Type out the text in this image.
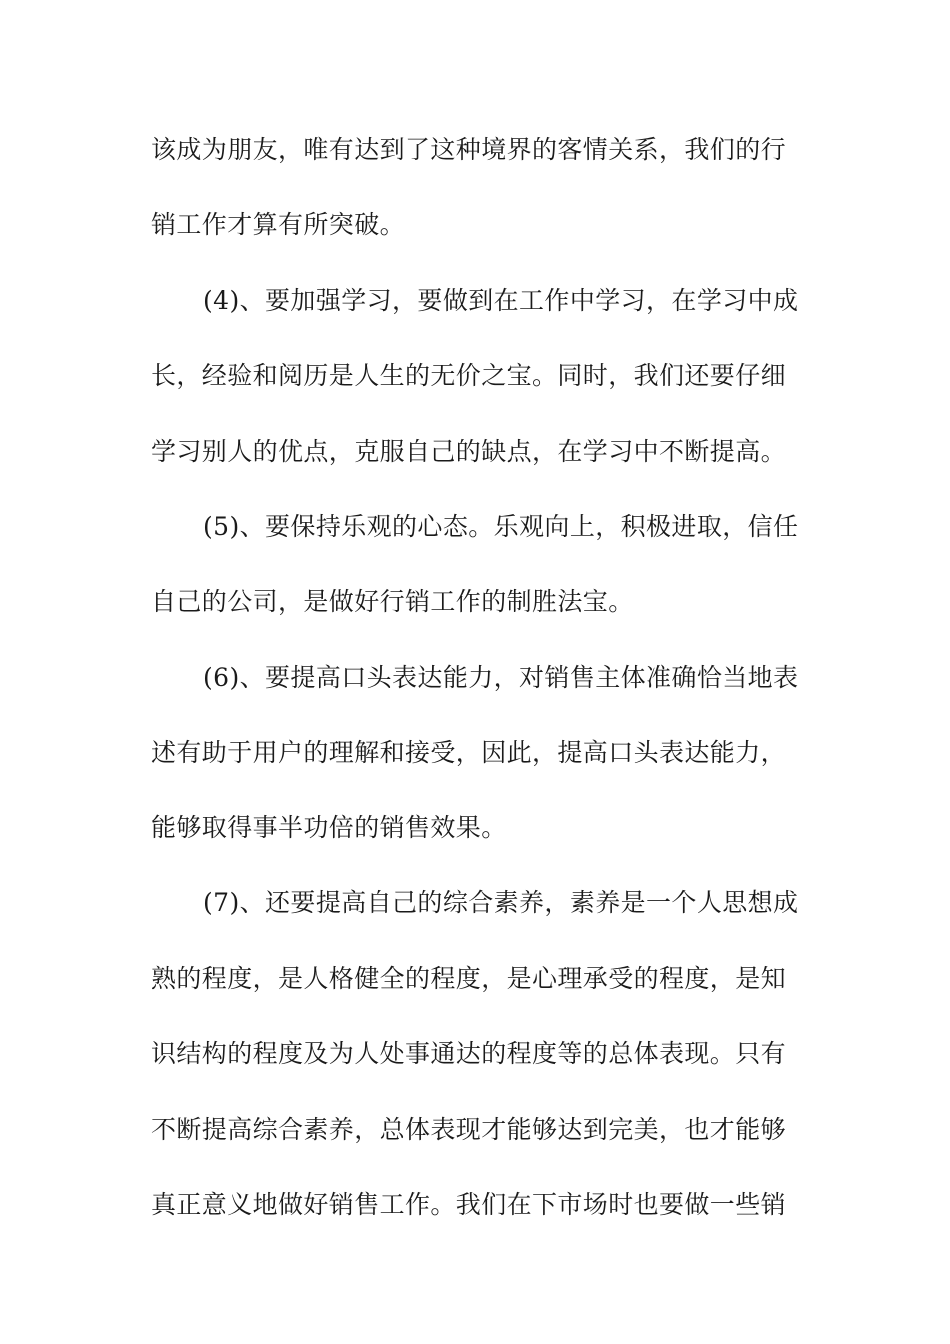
该成为朋友，唯有达到了这种境界的客情关系，我们的行
销工作才算有所突破。
(4)、要加强学习，要做到在工作中学习，在学习中成
长，经验和阅历是人生的无价之宝。同时，我们还要仔细
学习别人的优点，克服自己的缺点，在学习中不断提高。
(5)、要保持乐观的心态。乐观向上，积极进取，信任
自己的公司，是做好行销工作的制胜法宝。
(6)、要提高口头表达能力，对销售主体准确恰当地表
述有助于用户的理解和接受，因此，提高口头表达能力，
能够取得事半功倍的销售效果。
(7)、还要提高自己的综合素养，素养是一个人思想成
熟的程度，是人格健全的程度，是心理承受的程度，是知
识结构的程度及为人处事通达的程度等的总体表现。只有
不断提高综合素养，总体表现才能够达到完美，也才能够
真正意义地做好销售工作。我们在下市场时也要做一些销
